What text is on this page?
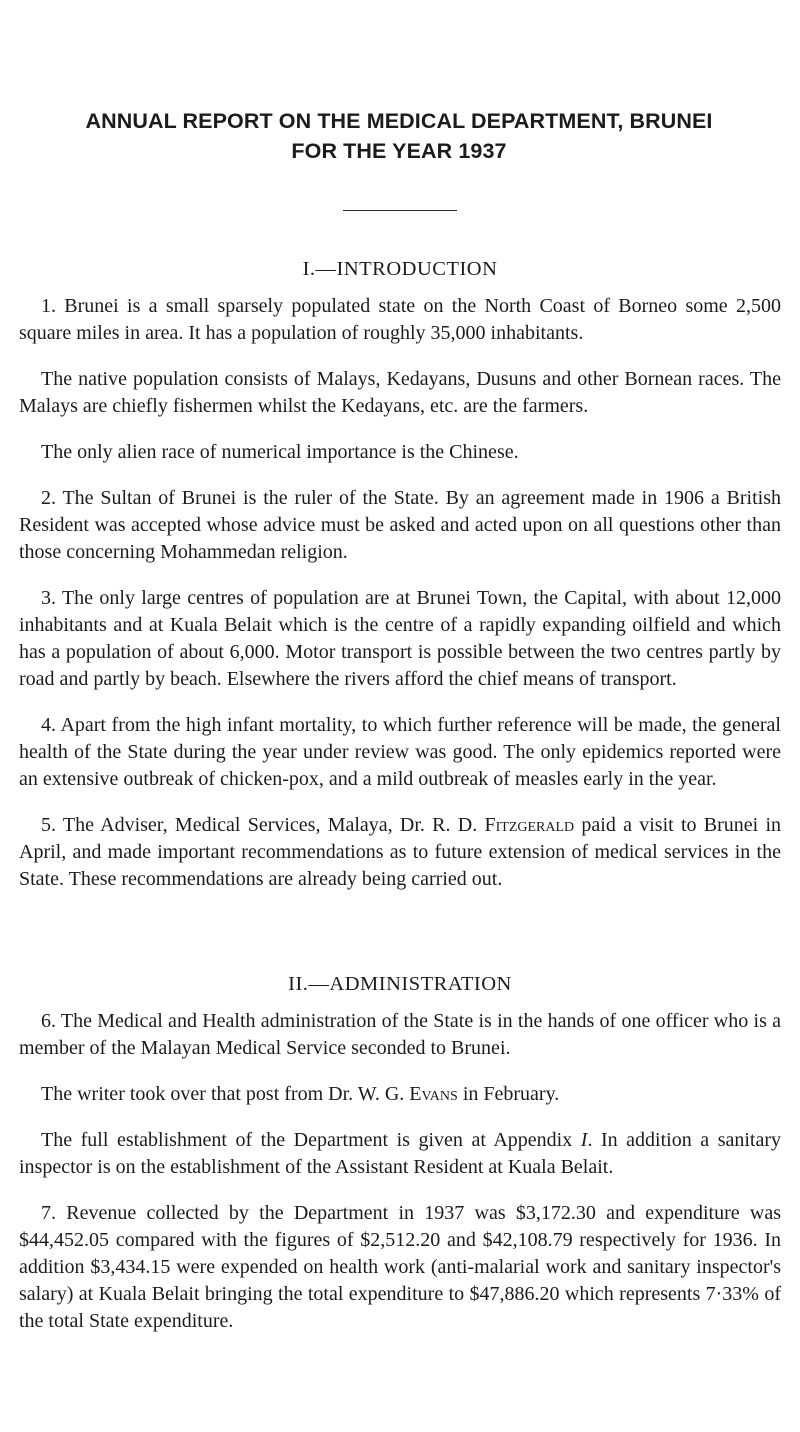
ANNUAL REPORT ON THE MEDICAL DEPARTMENT, BRUNEI
FOR THE YEAR 1937
I.—INTRODUCTION

1. Brunei is a small sparsely populated state on the North Coast of Borneo some 2,500 square miles in area. It has a population of roughly 35,000 inhabitants.

The native population consists of Malays, Kedayans, Dusuns and other Bornean races. The Malays are chiefly fishermen whilst the Kedayans, etc. are the farmers.

The only alien race of numerical importance is the Chinese.

2. The Sultan of Brunei is the ruler of the State. By an agreement made in 1906 a British Resident was accepted whose advice must be asked and acted upon on all questions other than those concerning Mohammedan religion.

3. The only large centres of population are at Brunei Town, the Capital, with about 12,000 inhabitants and at Kuala Belait which is the centre of a rapidly expanding oilfield and which has a population of about 6,000. Motor transport is possible between the two centres partly by road and partly by beach. Elsewhere the rivers afford the chief means of transport.

4. Apart from the high infant mortality, to which further reference will be made, the general health of the State during the year under review was good. The only epidemics reported were an extensive outbreak of chicken-pox, and a mild outbreak of measles early in the year.

5. The Adviser, Medical Services, Malaya, Dr. R. D. Fitzgerald paid a visit to Brunei in April, and made important recommendations as to future extension of medical services in the State. These recommendations are already being carried out.

II.—ADMINISTRATION

6. The Medical and Health administration of the State is in the hands of one officer who is a member of the Malayan Medical Service seconded to Brunei.

The writer took over that post from Dr. W. G. Evans in February.

The full establishment of the Department is given at Appendix I. In addition a sanitary inspector is on the establishment of the Assistant Resident at Kuala Belait.

7. Revenue collected by the Department in 1937 was $3,172.30 and expenditure was $44,452.05 compared with the figures of $2,512.20 and $42,108.79 respectively for 1936. In addition $3,434.15 were expended on health work (anti-malarial work and sanitary inspector's salary) at Kuala Belait bringing the total expenditure to $47,886.20 which represents 7·33% of the total State expenditure.
